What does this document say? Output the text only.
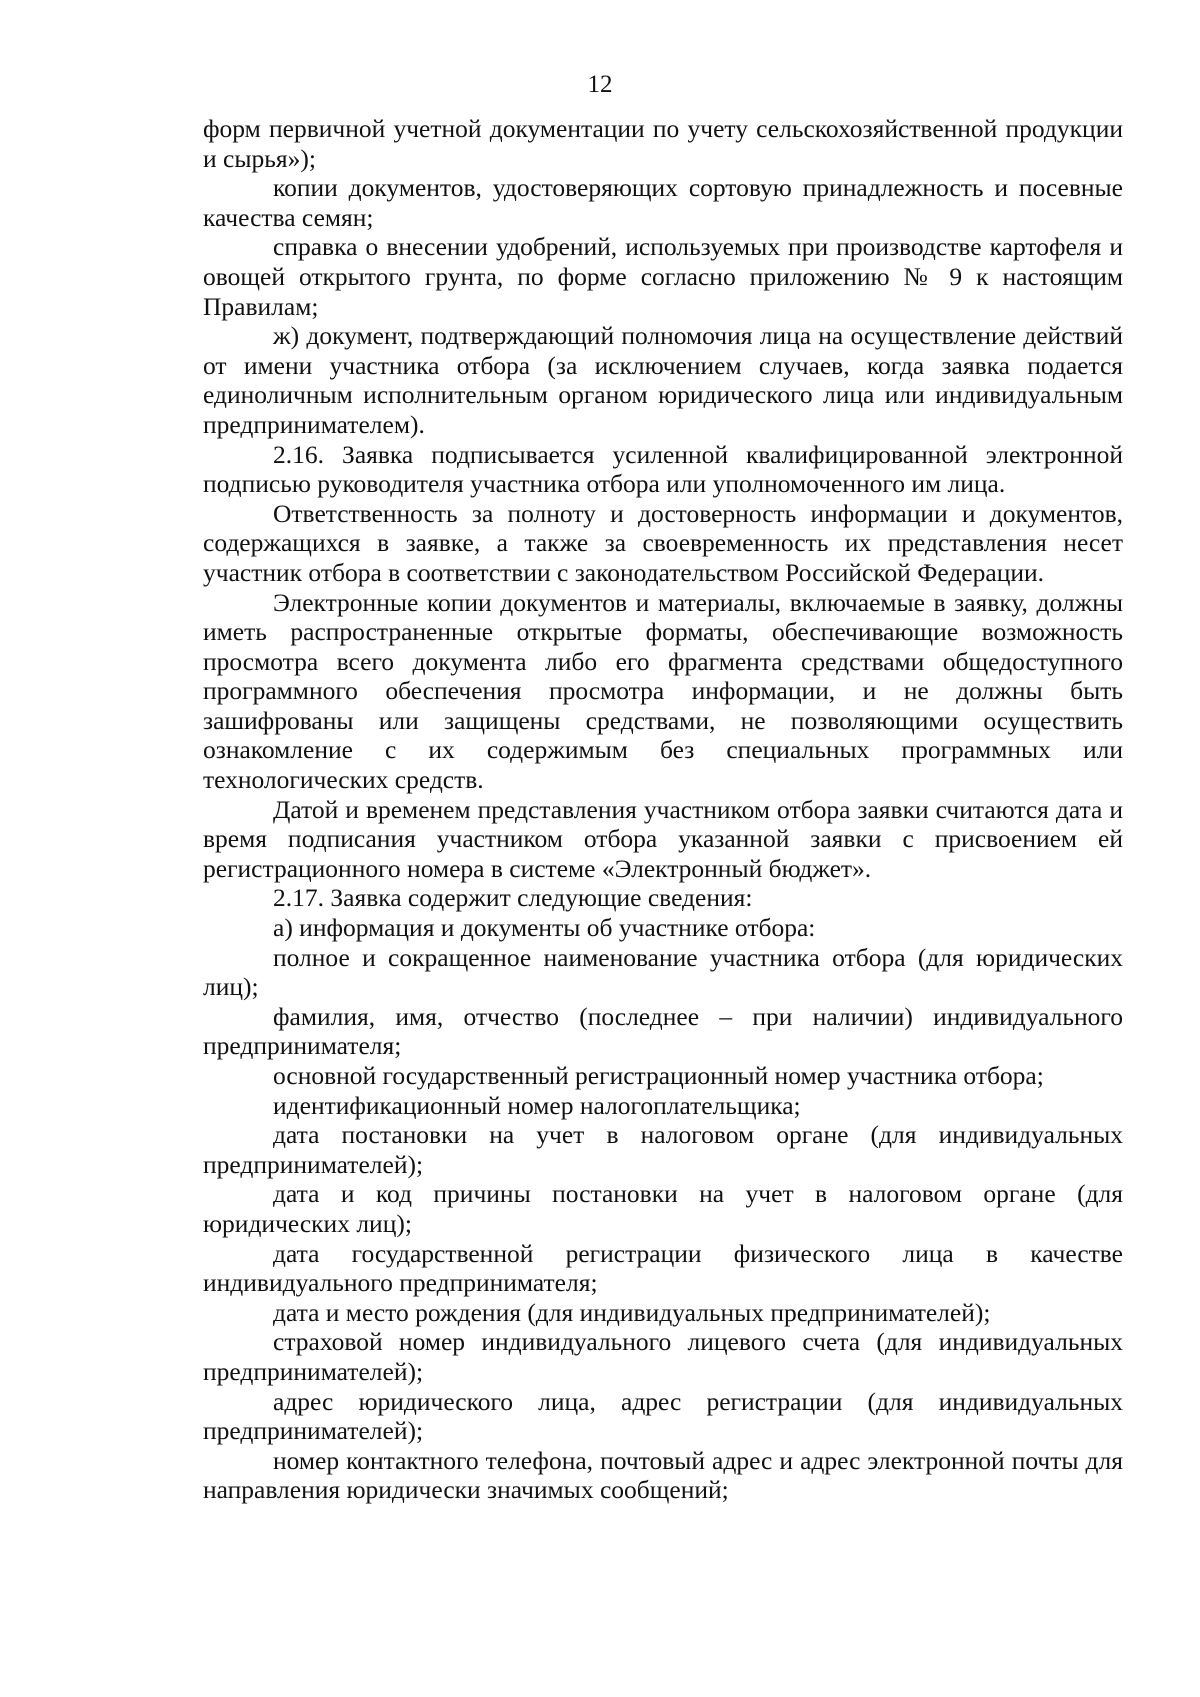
12

форм первичной учетной документации по учету сельскохозяйственной продукции и сырья»);

копии документов, удостоверяющих сортовую принадлежность и посевные качества семян;

справка о внесении удобрений, используемых при производстве картофеля и овощей открытого грунта, по форме согласно приложению № 9 к настоящим Правилам;

ж) документ, подтверждающий полномочия лица на осуществление действий от имени участника отбора (за исключением случаев, когда заявка подается единоличным исполнительным органом юридического лица или индивидуальным предпринимателем).

2.16. Заявка подписывается усиленной квалифицированной электронной подписью руководителя участника отбора или уполномоченного им лица.

Ответственность за полноту и достоверность информации и документов, содержащихся в заявке, а также за своевременность их представления несет участник отбора в соответствии с законодательством Российской Федерации.

Электронные копии документов и материалы, включаемые в заявку, должны иметь распространенные открытые форматы, обеспечивающие возможность просмотра всего документа либо его фрагмента средствами общедоступного программного обеспечения просмотра информации, и не должны быть зашифрованы или защищены средствами, не позволяющими осуществить ознакомление с их содержимым без специальных программных или технологических средств.

Датой и временем представления участником отбора заявки считаются дата и время подписания участником отбора указанной заявки с присвоением ей регистрационного номера в системе «Электронный бюджет».

2.17. Заявка содержит следующие сведения:

а) информация и документы об участнике отбора:

полное и сокращенное наименование участника отбора (для юридических лиц);

фамилия, имя, отчество (последнее – при наличии) индивидуального предпринимателя;

основной государственный регистрационный номер участника отбора;

идентификационный номер налогоплательщика;

дата постановки на учет в налоговом органе (для индивидуальных предпринимателей);

дата и код причины постановки на учет в налоговом органе (для юридических лиц);

дата государственной регистрации физического лица в качестве индивидуального предпринимателя;

дата и место рождения (для индивидуальных предпринимателей);

страховой номер индивидуального лицевого счета (для индивидуальных предпринимателей);

адрес юридического лица, адрес регистрации (для индивидуальных предпринимателей);

номер контактного телефона, почтовый адрес и адрес электронной почты для направления юридически значимых сообщений;
